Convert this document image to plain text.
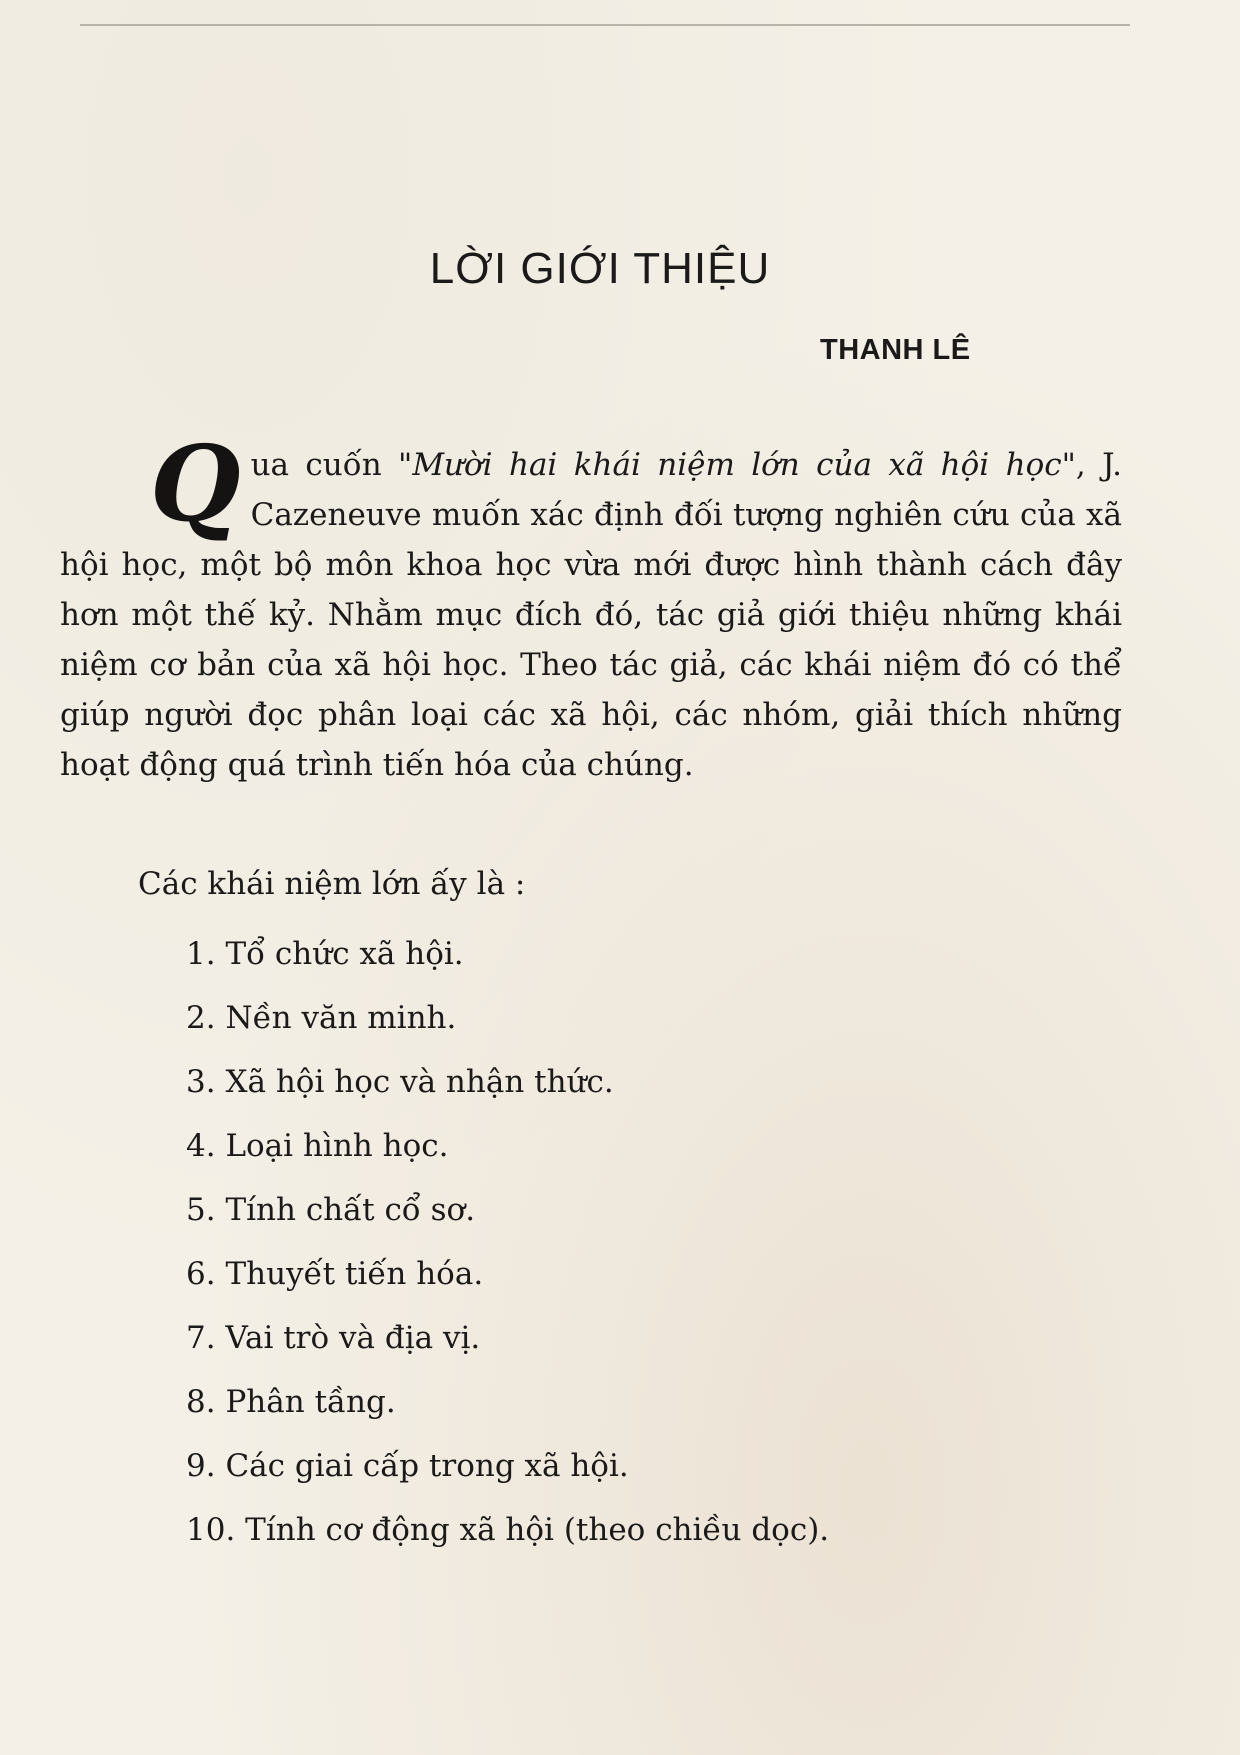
LỜI GIỚI THIỆU

THANH LÊ

Qua cuốn "Mười hai khái niệm lớn của xã hội học", J. Cazeneuve muốn xác định đối tượng nghiên cứu của xã hội học, một bộ môn khoa học vừa mới được hình thành cách đây hơn một thế kỷ. Nhằm mục đích đó, tác giả giới thiệu những khái niệm cơ bản của xã hội học. Theo tác giả, các khái niệm đó có thể giúp người đọc phân loại các xã hội, các nhóm, giải thích những hoạt động quá trình tiến hóa của chúng.

Các khái niệm lớn ấy là :

1. Tổ chức xã hội.
2. Nền văn minh.
3. Xã hội học và nhận thức.
4. Loại hình học.
5. Tính chất cổ sơ.
6. Thuyết tiến hóa.
7. Vai trò và địa vị.
8. Phân tầng.
9. Các giai cấp trong xã hội.
10. Tính cơ động xã hội (theo chiều dọc).
